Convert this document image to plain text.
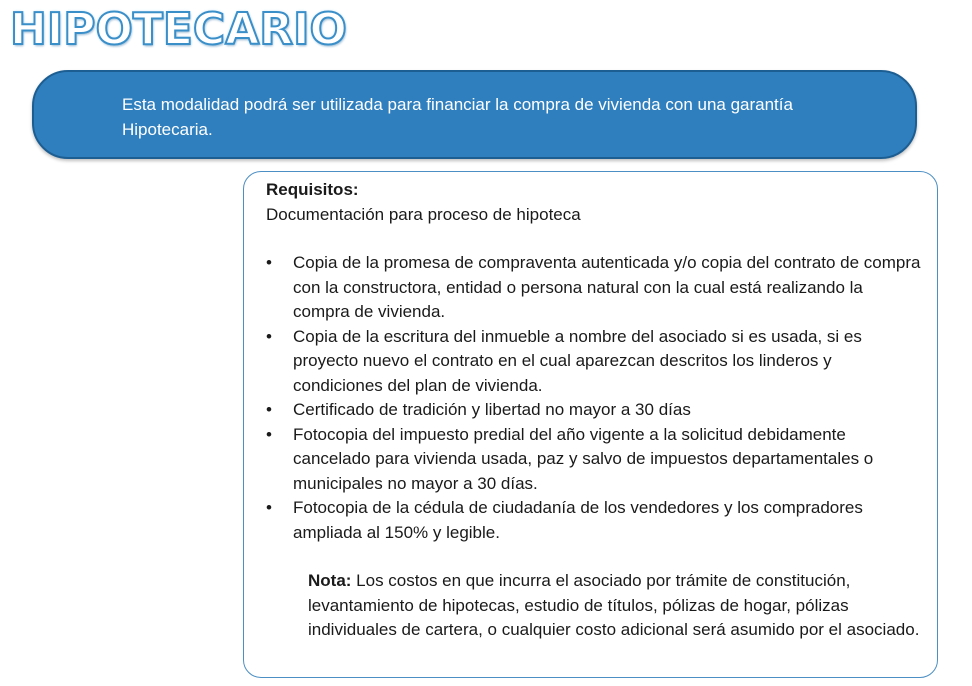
HIPOTECARIO
Esta modalidad podrá ser utilizada para financiar la compra de vivienda con una garantía Hipotecaria.

Requisitos:

Documentación para proceso de hipoteca

•	Copia de la promesa de compraventa autenticada y/o copia del contrato de compra con la constructora, entidad o persona natural con la cual está realizando la compra de vivienda.
•	Copia de la escritura del inmueble a nombre del asociado si es usada, si es proyecto nuevo el contrato en el cual aparezcan descritos los linderos y condiciones del plan de vivienda.
•	Certificado de tradición y libertad no mayor a 30 días
•	Fotocopia del impuesto predial del año vigente a la solicitud debidamente cancelado para vivienda usada, paz y salvo de impuestos departamentales o municipales no mayor a 30 días.
•	Fotocopia de la cédula de ciudadanía de los vendedores y los compradores ampliada al 150% y legible.

Nota: Los costos en que incurra el asociado por trámite de constitución, levantamiento de hipotecas, estudio de títulos, pólizas de hogar, pólizas individuales de cartera, o cualquier costo adicional será asumido por el asociado.
